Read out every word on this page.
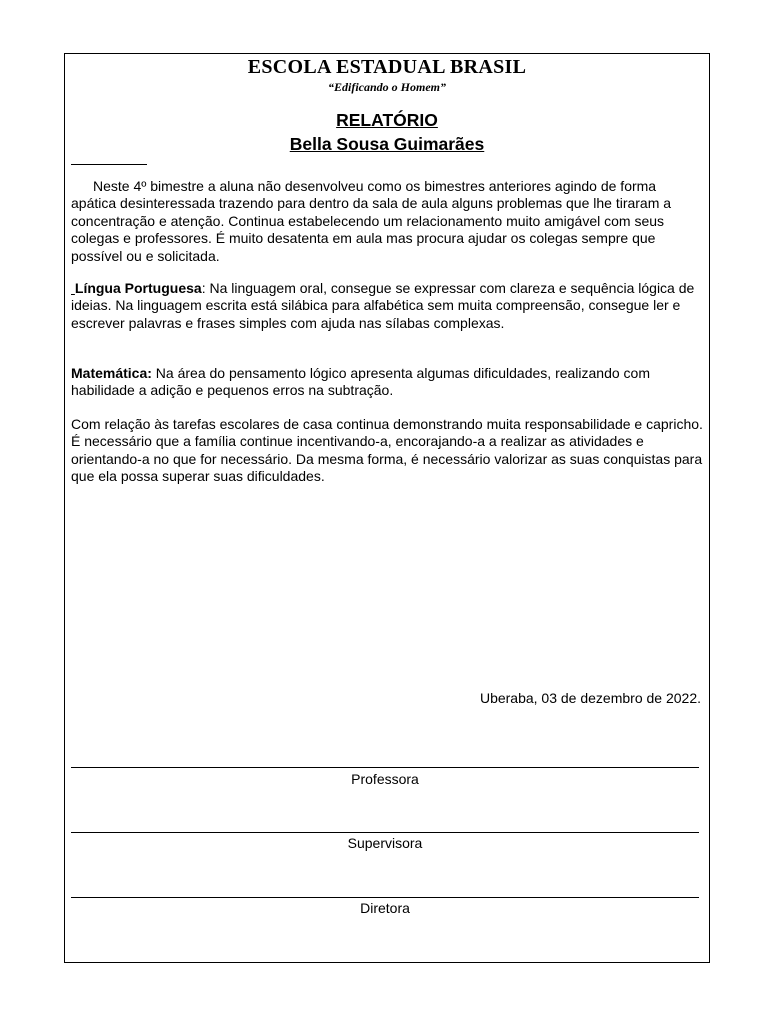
ESCOLA ESTADUAL BRASIL
“Edificando o Homem”
RELATÓRIO
Bella Sousa Guimarães
Neste 4º bimestre a aluna não desenvolveu como os bimestres anteriores agindo de forma apática desinteressada trazendo para dentro da sala de aula alguns problemas que lhe tiraram a concentração e atenção. Continua estabelecendo um relacionamento muito amigável com seus colegas e professores. É muito desatenta em aula mas procura ajudar os colegas sempre que possível ou e solicitada.
Língua Portuguesa: Na linguagem oral, consegue se expressar com clareza e sequência lógica de ideias. Na linguagem escrita está silábica para alfabética sem muita compreensão, consegue ler e escrever palavras e frases simples com ajuda nas sílabas complexas.
Matemática: Na área do pensamento lógico apresenta algumas dificuldades, realizando com habilidade a adição e pequenos erros na subtração.
Com relação às tarefas escolares de casa continua demonstrando muita responsabilidade e capricho. É necessário que a família continue incentivando-a, encorajando-a a realizar as atividades e orientando-a no que for necessário. Da mesma forma, é necessário valorizar as suas conquistas para que ela possa superar suas dificuldades.
Uberaba, 03 de dezembro de 2022.
Professora
Supervisora
Diretora
